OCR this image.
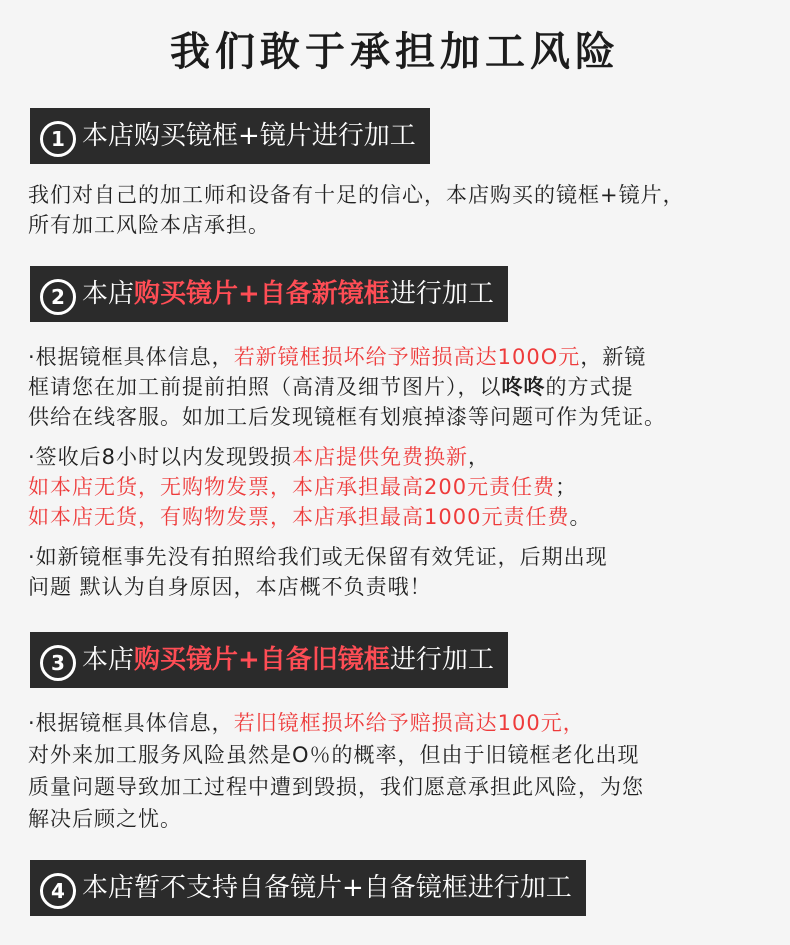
我们敢于承担加工风险
1 本店购买镜框+镜片进行加工
我们对自己的加工师和设备有十足的信心，本店购买的镜框+镜片，
所有加工风险本店承担。
2 本店购买镜片+自备新镜框进行加工
·根据镜框具体信息，若新镜框损坏给予赔损高达100O元，新镜
框请您在加工前提前拍照（高清及细节图片），以咚咚的方式提
供给在线客服。如加工后发现镜框有划痕掉漆等问题可作为凭证。
·签收后8小时以内发现毁损本店提供免费换新，
如本店无货，无购物发票，本店承担最高200元责任费；
如本店无货，有购物发票，本店承担最高1000元责任费。
·如新镜框事先没有拍照给我们或无保留有效凭证，后期出现
问题 默认为自身原因，本店概不负责哦！
3 本店购买镜片+自备旧镜框进行加工
·根据镜框具体信息，若旧镜框损坏给予赔损高达100元，
对外来加工服务风险虽然是O％的概率，但由于旧镜框老化出现
质量问题导致加工过程中遭到毁损，我们愿意承担此风险，为您
解决后顾之忧。
4 本店暂不支持自备镜片+自备镜框进行加工
